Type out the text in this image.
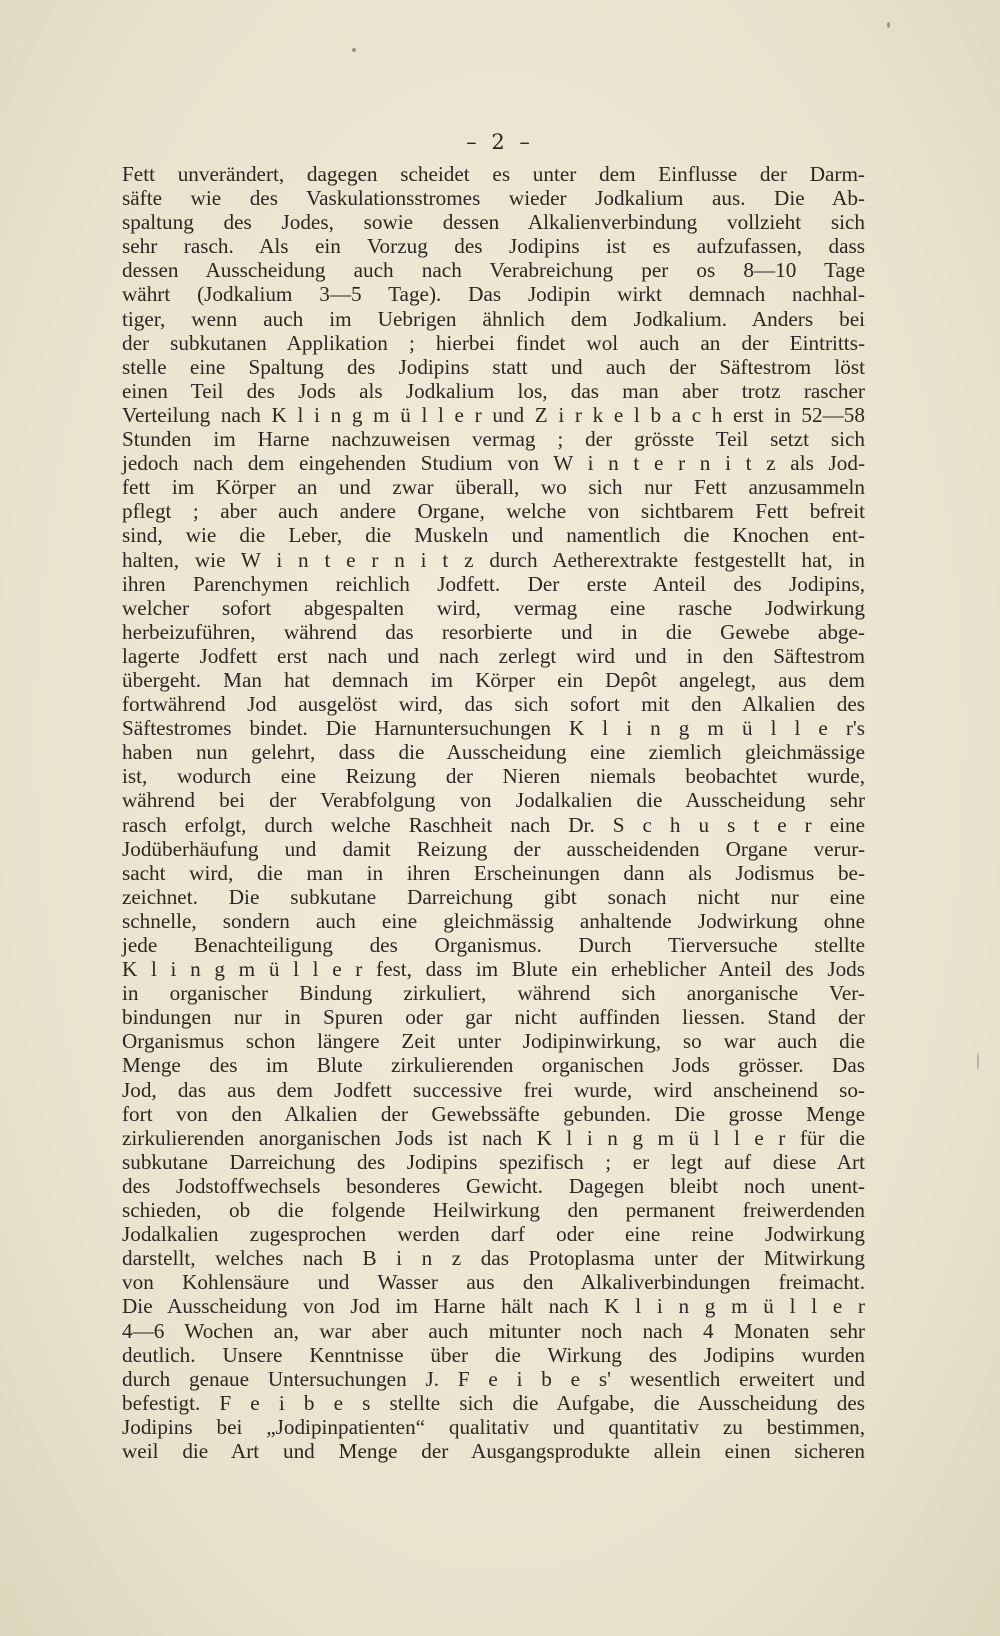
– 2 –
Fett unverändert, dagegen scheidet es unter dem Einflusse der Darm-
säfte wie des Vaskulationsstromes wieder Jodkalium aus. Die Ab-
spaltung des Jodes, sowie dessen Alkalienverbindung vollzieht sich
sehr rasch. Als ein Vorzug des Jodipins ist es aufzufassen, dass
dessen Ausscheidung auch nach Verabreichung per os 8—10 Tage
währt (Jodkalium 3—5 Tage). Das Jodipin wirkt demnach nachhal-
tiger, wenn auch im Uebrigen ähnlich dem Jodkalium. Anders bei
der subkutanen Applikation ; hierbei findet wol auch an der Eintritts-
stelle eine Spaltung des Jodipins statt und auch der Säftestrom löst
einen Teil des Jods als Jodkalium los, das man aber trotz rascher
Verteilung nach K l i n g m ü l l e r und Z i r k e l b a c h erst in 52—58
Stunden im Harne nachzuweisen vermag ; der grösste Teil setzt sich
jedoch nach dem eingehenden Studium von W i n t e r n i t z als Jod-
fett im Körper an und zwar überall, wo sich nur Fett anzusammeln
pflegt ; aber auch andere Organe, welche von sichtbarem Fett befreit
sind, wie die Leber, die Muskeln und namentlich die Knochen ent-
halten, wie W i n t e r n i t z durch Aetherextrakte festgestellt hat, in
ihren Parenchymen reichlich Jodfett. Der erste Anteil des Jodipins,
welcher sofort abgespalten wird, vermag eine rasche Jodwirkung
herbeizuführen, während das resorbierte und in die Gewebe abge-
lagerte Jodfett erst nach und nach zerlegt wird und in den Säftestrom
übergeht. Man hat demnach im Körper ein Depôt angelegt, aus dem
fortwährend Jod ausgelöst wird, das sich sofort mit den Alkalien des
Säftestromes bindet. Die Harnuntersuchungen K l i n g m ü l l e r's
haben nun gelehrt, dass die Ausscheidung eine ziemlich gleichmässige
ist, wodurch eine Reizung der Nieren niemals beobachtet wurde,
während bei der Verabfolgung von Jodalkalien die Ausscheidung sehr
rasch erfolgt, durch welche Raschheit nach Dr. S c h u s t e r eine
Jodüberhäufung und damit Reizung der ausscheidenden Organe verur-
sacht wird, die man in ihren Erscheinungen dann als Jodismus be-
zeichnet. Die subkutane Darreichung gibt sonach nicht nur eine
schnelle, sondern auch eine gleichmässig anhaltende Jodwirkung ohne
jede Benachteiligung des Organismus. Durch Tierversuche stellte
K l i n g m ü l l e r fest, dass im Blute ein erheblicher Anteil des Jods
in organischer Bindung zirkuliert, während sich anorganische Ver-
bindungen nur in Spuren oder gar nicht auffinden liessen. Stand der
Organismus schon längere Zeit unter Jodipinwirkung, so war auch die
Menge des im Blute zirkulierenden organischen Jods grösser. Das
Jod, das aus dem Jodfett successive frei wurde, wird anscheinend so-
fort von den Alkalien der Gewebssäfte gebunden. Die grosse Menge
zirkulierenden anorganischen Jods ist nach K l i n g m ü l l e r für die
subkutane Darreichung des Jodipins spezifisch ; er legt auf diese Art
des Jodstoffwechsels besonderes Gewicht. Dagegen bleibt noch unent-
schieden, ob die folgende Heilwirkung den permanent freiwerdenden
Jodalkalien zugesprochen werden darf oder eine reine Jodwirkung
darstellt, welches nach B i n z das Protoplasma unter der Mitwirkung
von Kohlensäure und Wasser aus den Alkaliverbindungen freimacht.
Die Ausscheidung von Jod im Harne hält nach K l i n g m ü l l e r
4—6 Wochen an, war aber auch mitunter noch nach 4 Monaten sehr
deutlich. Unsere Kenntnisse über die Wirkung des Jodipins wurden
durch genaue Untersuchungen J. F e i b e s' wesentlich erweitert und
befestigt. F e i b e s stellte sich die Aufgabe, die Ausscheidung des
Jodipins bei „Jodipinpatienten“ qualitativ und quantitativ zu bestimmen,
weil die Art und Menge der Ausgangsprodukte allein einen sicheren
